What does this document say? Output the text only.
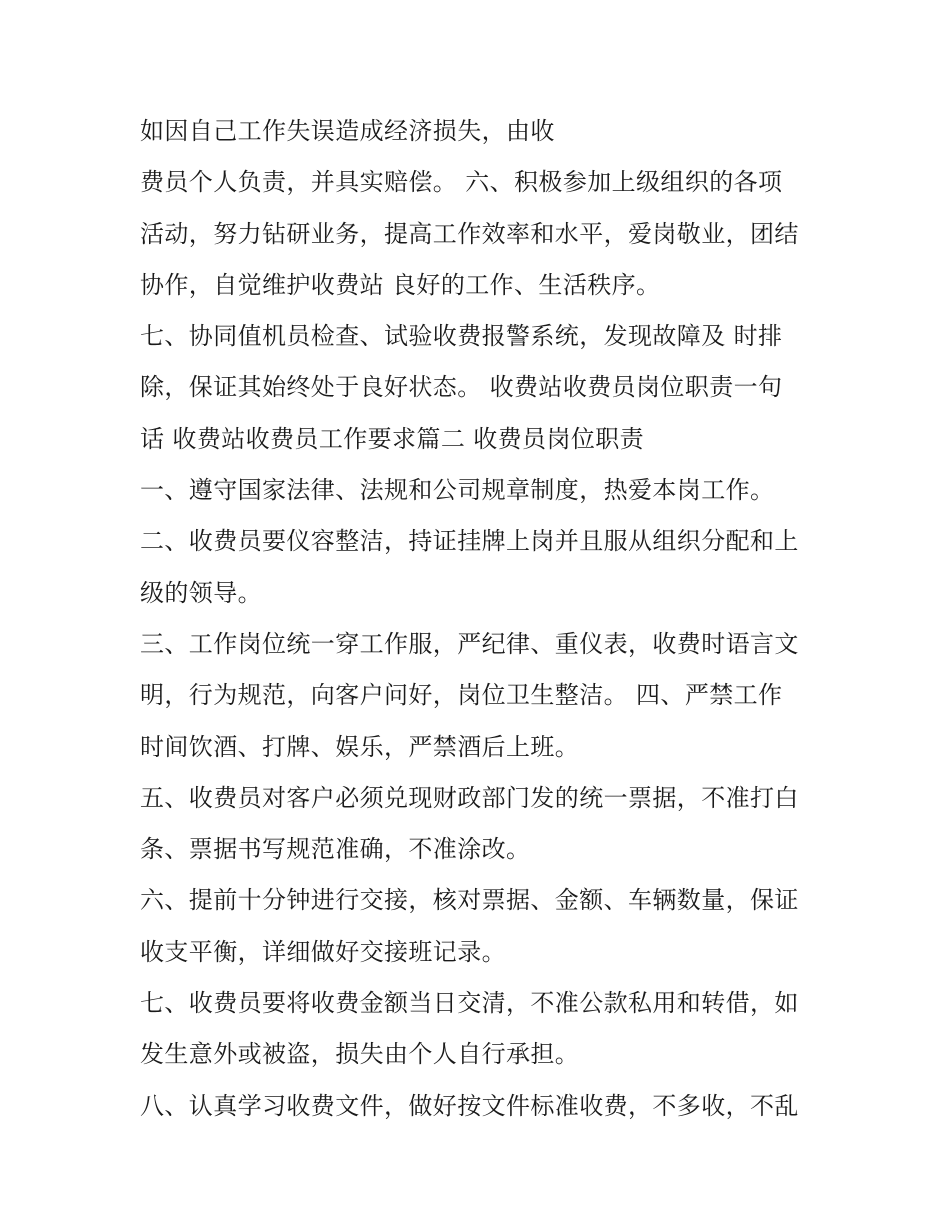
如因自己工作失误造成经济损失，由收
费员个人负责，并具实赔偿。 六、积极参加上级组织的各项
活动，努力钻研业务，提高工作效率和水平，爱岗敬业，团结
协作，自觉维护收费站 良好的工作、生活秩序。
七、协同值机员检查、试验收费报警系统，发现故障及 时排
除，保证其始终处于良好状态。 收费站收费员岗位职责一句
话 收费站收费员工作要求篇二 收费员岗位职责
一、遵守国家法律、法规和公司规章制度，热爱本岗工作。
二、收费员要仪容整洁，持证挂牌上岗并且服从组织分配和上
级的领导。
三、工作岗位统一穿工作服，严纪律、重仪表，收费时语言文
明，行为规范，向客户问好，岗位卫生整洁。 四、严禁工作
时间饮酒、打牌、娱乐，严禁酒后上班。
五、收费员对客户必须兑现财政部门发的统一票据，不准打白
条、票据书写规范准确，不准涂改。
六、提前十分钟进行交接，核对票据、金额、车辆数量，保证
收支平衡，详细做好交接班记录。
七、收费员要将收费金额当日交清，不准公款私用和转借，如
发生意外或被盗，损失由个人自行承担。
八、认真学习收费文件，做好按文件标准收费，不多收，不乱
